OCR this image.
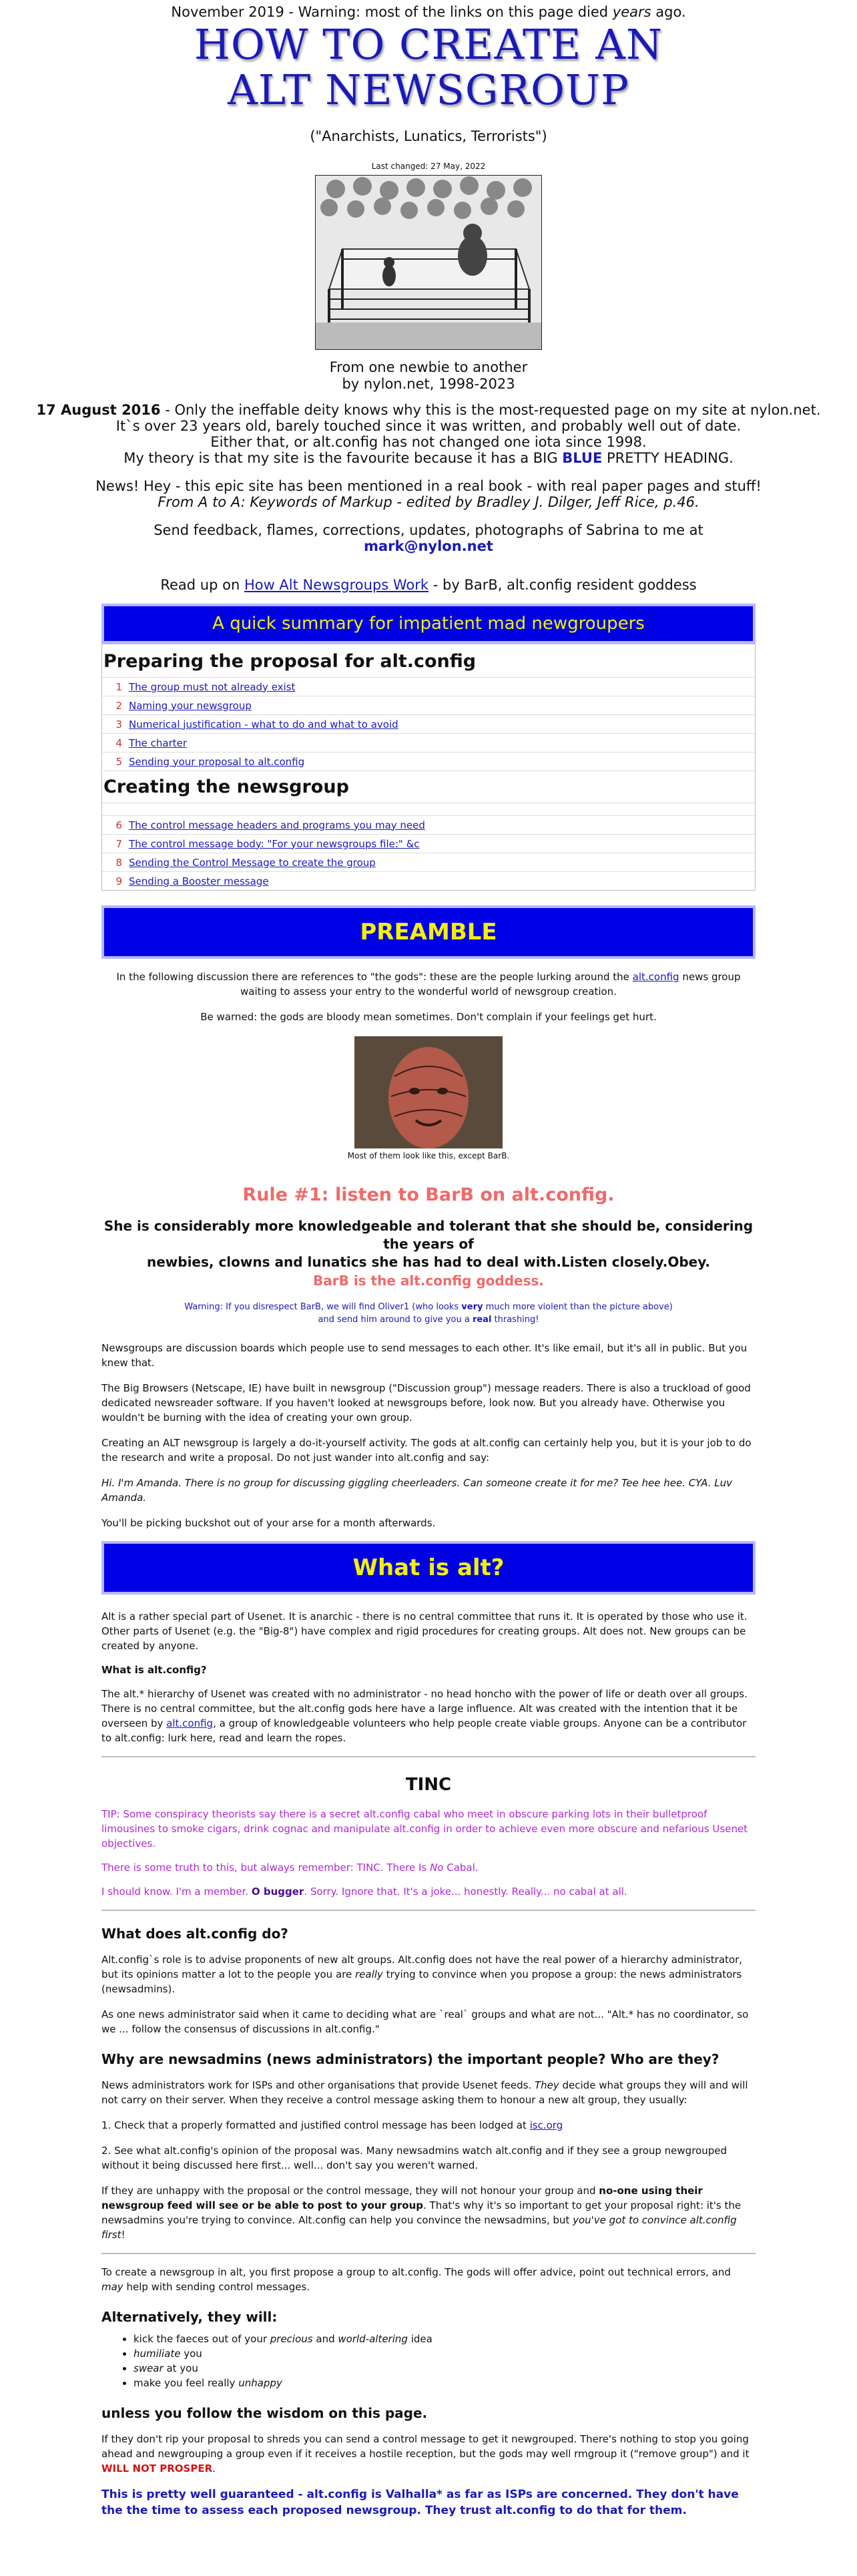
November 2019 - Warning: most of the links on this page died years ago.
HOW TO CREATE AN
ALT NEWSGROUP
("Anarchists, Lunatics, Terrorists")
Last changed: 27 May, 2022
From one newbie to another
by nylon.net, 1998-2023
17 August 2016 - Only the ineffable deity knows why this is the most-requested page on my site at nylon.net.
It`s over 23 years old, barely touched since it was written, and probably well out of date.
Either that, or alt.config has not changed one iota since 1998.
My theory is that my site is the favourite because it has a BIG BLUE PRETTY HEADING.
News! Hey - this epic site has been mentioned in a real book - with real paper pages and stuff!
From A to A: Keywords of Markup - edited by Bradley J. Dilger, Jeff Rice, p.46.
Send feedback, flames, corrections, updates, photographs of Sabrina to me at
mark@nylon.net
Read up on How Alt Newsgroups Work - by BarB, alt.config resident goddess
A quick summary for impatient mad newgroupers
Preparing the proposal for alt.config
1 The group must not already exist
2 Naming your newsgroup
3 Numerical justification - what to do and what to avoid
4 The charter
5 Sending your proposal to alt.config
Creating the newsgroup
6 The control message headers and programs you may need
7 The control message body: "For your newsgroups file:" &c
8 Sending the Control Message to create the group
9 Sending a Booster message
PREAMBLE
In the following discussion there are references to "the gods": these are the people lurking around the alt.config news group
waiting to assess your entry to the wonderful world of newsgroup creation.
Be warned: the gods are bloody mean sometimes. Don't complain if your feelings get hurt.
Most of them look like this, except BarB.
Rule #1: listen to BarB on alt.config.
She is considerably more knowledgeable and tolerant that she should be, considering the years of
newbies, clowns and lunatics she has had to deal with.Listen closely.Obey.
BarB is the alt.config goddess.
Warning: If you disrespect BarB, we will find Oliver1 (who looks very much more violent than the picture above)
and send him around to give you a real thrashing!
Newsgroups are discussion boards which people use to send messages to each other. It's like email, but it's all in public. But you knew that.
The Big Browsers (Netscape, IE) have built in newsgroup ("Discussion group") message readers. There is also a truckload of good dedicated newsreader software. If you haven't looked at newsgroups before, look now. But you already have. Otherwise you wouldn't be burning with the idea of creating your own group.
Creating an ALT newsgroup is largely a do-it-yourself activity. The gods at alt.config can certainly help you, but it is your job to do the research and write a proposal. Do not just wander into alt.config and say:
Hi. I'm Amanda. There is no group for discussing giggling cheerleaders. Can someone create it for me? Tee hee hee. CYA. Luv Amanda.
You'll be picking buckshot out of your arse for a month afterwards.
What is alt?
Alt is a rather special part of Usenet. It is anarchic - there is no central committee that runs it. It is operated by those who use it. Other parts of Usenet (e.g. the "Big-8") have complex and rigid procedures for creating groups. Alt does not. New groups can be created by anyone.
What is alt.config?
The alt.* hierarchy of Usenet was created with no administrator - no head honcho with the power of life or death over all groups. There is no central committee, but the alt.config gods here have a large influence. Alt was created with the intention that it be overseen by alt.config, a group of knowledgeable volunteers who help people create viable groups. Anyone can be a contributor to alt.config: lurk here, read and learn the ropes.
TINC
TIP: Some conspiracy theorists say there is a secret alt.config cabal who meet in obscure parking lots in their bulletproof limousines to smoke cigars, drink cognac and manipulate alt.config in order to achieve even more obscure and nefarious Usenet objectives.
There is some truth to this, but always remember: TINC. There Is No Cabal.
I should know. I'm a member. O bugger. Sorry. Ignore that. It's a joke... honestly. Really... no cabal at all.
What does alt.config do?
Alt.config`s role is to advise proponents of new alt groups. Alt.config does not have the real power of a hierarchy administrator, but its opinions matter a lot to the people you are really trying to convince when you propose a group: the news administrators (newsadmins).
As one news administrator said when it came to deciding what are `real` groups and what are not... "Alt.* has no coordinator, so we ... follow the consensus of discussions in alt.config."
Why are newsadmins (news administrators) the important people? Who are they?
News administrators work for ISPs and other organisations that provide Usenet feeds. They decide what groups they will and will not carry on their server. When they receive a control message asking them to honour a new alt group, they usually:
1. Check that a properly formatted and justified control message has been lodged at isc.org
2. See what alt.config's opinion of the proposal was. Many newsadmins watch alt.config and if they see a group newgrouped without it being discussed here first... well... don't say you weren't warned.
If they are unhappy with the proposal or the control message, they will not honour your group and no-one using their newsgroup feed will see or be able to post to your group. That's why it's so important to get your proposal right: it's the newsadmins you're trying to convince. Alt.config can help you convince the newsadmins, but you've got to convince alt.config first!
To create a newsgroup in alt, you first propose a group to alt.config. The gods will offer advice, point out technical errors, and may help with sending control messages.
Alternatively, they will:
• kick the faeces out of your precious and world-altering idea
• humiliate you
• swear at you
• make you feel really unhappy
unless you follow the wisdom on this page.
If they don't rip your proposal to shreds you can send a control message to get it newgrouped. There's nothing to stop you going ahead and newgrouping a group even if it receives a hostile reception, but the gods may well rmgroup it ("remove group") and it WILL NOT PROSPER.
This is pretty well guaranteed - alt.config is Valhalla* as far as ISPs are concerned. They don't have the the time to assess each proposed newsgroup. They trust alt.config to do that for them.
